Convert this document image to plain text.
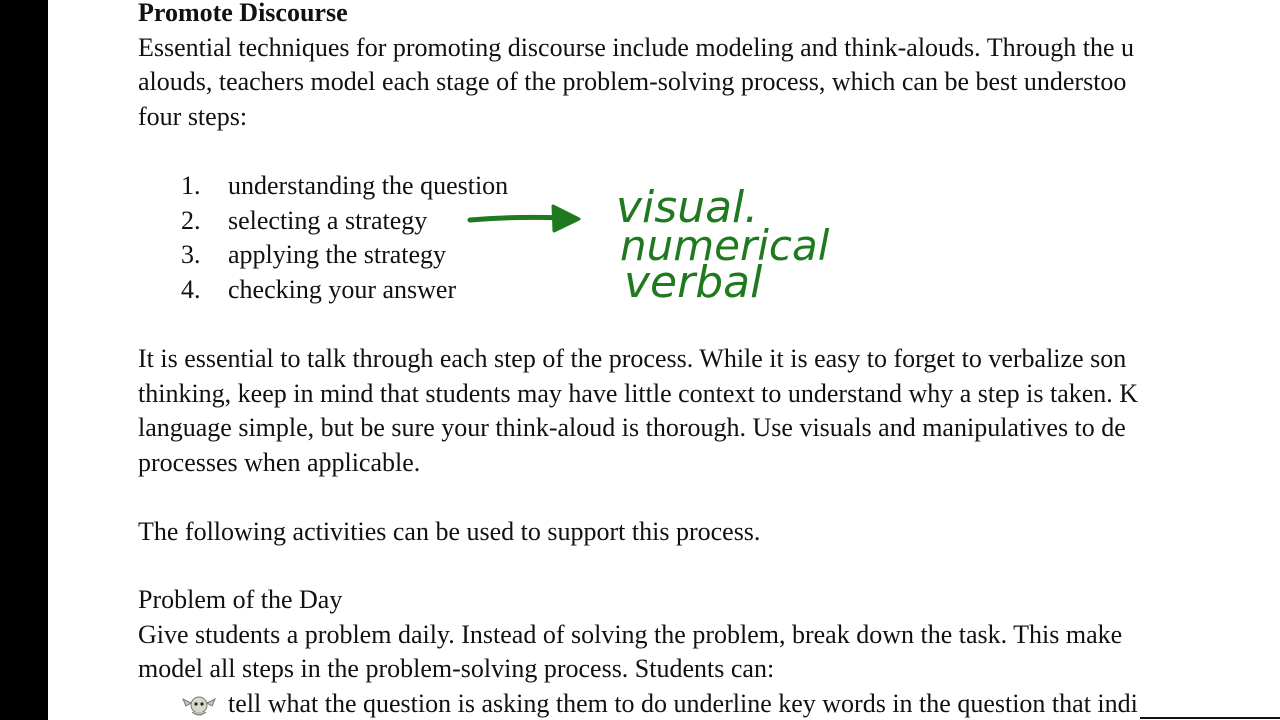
Promote Discourse
Essential techniques for promoting discourse include modeling and think-alouds. Through the u
alouds, teachers model each stage of the problem-solving process, which can be best understoo
four steps:
1. understanding the question
2. selecting a strategy
3. applying the strategy
4. checking your answer
It is essential to talk through each step of the process. While it is easy to forget to verbalize son
thinking, keep in mind that students may have little context to understand why a step is taken. K
language simple, but be sure your think-aloud is thorough. Use visuals and manipulatives to de
processes when applicable.
The following activities can be used to support this process.
Problem of the Day
Give students a problem daily. Instead of solving the problem, break down the task. This make
model all steps in the problem-solving process. Students can:
tell what the question is asking them to do underline key words in the question that indi
visual.
numerical
verbal
